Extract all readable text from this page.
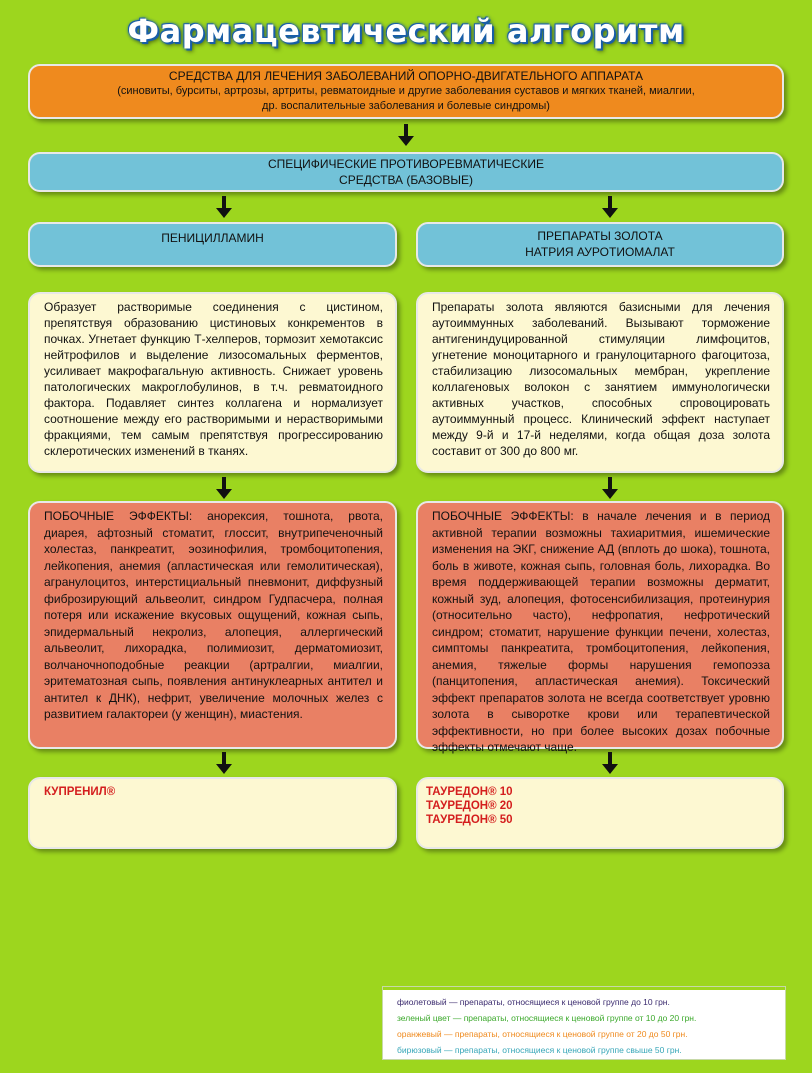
Фармацевтический алгоритм
СРЕДСТВА ДЛЯ ЛЕЧЕНИЯ ЗАБОЛЕВАНИЙ ОПОРНО-ДВИГАТЕЛЬНОГО АППАРАТА
(синовиты, бурситы, артрозы, артриты, ревматоидные и другие заболевания суставов и мягких тканей, миалгии,
др. воспалительные заболевания и болевые синдромы)
СПЕЦИФИЧЕСКИЕ ПРОТИВОРЕВМАТИЧЕСКИЕ
СРЕДСТВА (БАЗОВЫЕ)
ПЕНИЦИЛЛАМИН	ПРЕПАРАТЫ ЗОЛОТА
НАТРИЯ АУРОТИОМАЛАТ
Образует растворимые соединения с цистином, препятствуя образованию цистиновых конкрементов в почках. Угнетает функцию Т-хелперов, тормозит хемотаксис нейтрофилов и выделение лизосомальных ферментов, усиливает макрофагальную активность. Снижает уровень патологических макроглобулинов, в т.ч. ревматоидного фактора. Подавляет синтез коллагена и нормализует соотношение между его растворимыми и нерастворимыми фракциями, тем самым препятствуя прогрессированию склеротических изменений в тканях.
Препараты золота являются базисными для лечения аутоиммунных заболеваний. Вызывают торможение антигениндуцированной стимуляции лимфоцитов, угнетение моноцитарного и гранулоцитарного фагоцитоза, стабилизацию лизосомальных мембран, укрепление коллагеновых волокон с занятием иммунологически активных участков, способных спровоцировать аутоиммунный процесс. Клинический эффект наступает между 9-й и 17-й неделями, когда общая доза золота составит от 300 до 800 мг.
ПОБОЧНЫЕ ЭФФЕКТЫ: анорексия, тошнота, рвота, диарея, афтозный стоматит, глоссит, внутрипеченочный холестаз, панкреатит, эозинофилия, тромбоцитопения, лейкопения, анемия (апластическая или гемолитическая), агранулоцитоз, интерстициальный пневмонит, диффузный фиброзирующий альвеолит, синдром Гудпасчера, полная потеря или искажение вкусовых ощущений, кожная сыпь, эпидермальный некролиз, алопеция, аллергический альвеолит, лихорадка, полимиозит, дерматомиозит, волчаночноподобные реакции (артралгии, миалгии, эритематозная сыпь, появления антинуклеарных антител и антител к ДНК), нефрит, увеличение молочных желез с развитием галактореи (у женщин), миастения.
ПОБОЧНЫЕ ЭФФЕКТЫ: в начале лечения и в период активной терапии возможны тахиаритмия, ишемические изменения на ЭКГ, снижение АД (вплоть до шока), тошнота, боль в животе, кожная сыпь, головная боль, лихорадка. Во время поддерживающей терапии возможны дерматит, кожный зуд, алопеция, фотосенсибилизация, протеинурия (относительно часто), нефропатия, нефротический синдром; стоматит, нарушение функции печени, холестаз, симптомы панкреатита, тромбоцитопения, лейкопения, анемия, тяжелые формы нарушения гемопоэза (панцитопения, апластическая анемия). Токсический эффект препаратов золота не всегда соответствует уровню золота в сыворотке крови или терапевтической эффективности, но при более высоких дозах побочные эффекты отмечают чаще.
КУПРЕНИЛ®	ТАУРЕДОН® 10
ТАУРЕДОН® 20
ТАУРЕДОН® 50
фиолетовый — препараты, относящиеся к ценовой группе до 10 грн.
зеленый цвет — препараты, относящиеся к ценовой группе от 10 до 20 грн.
оранжевый — препараты, относящиеся к ценовой группе от 20 до 50 грн.
бирюзовый — препараты, относящиеся к ценовой группе свыше 50 грн.
